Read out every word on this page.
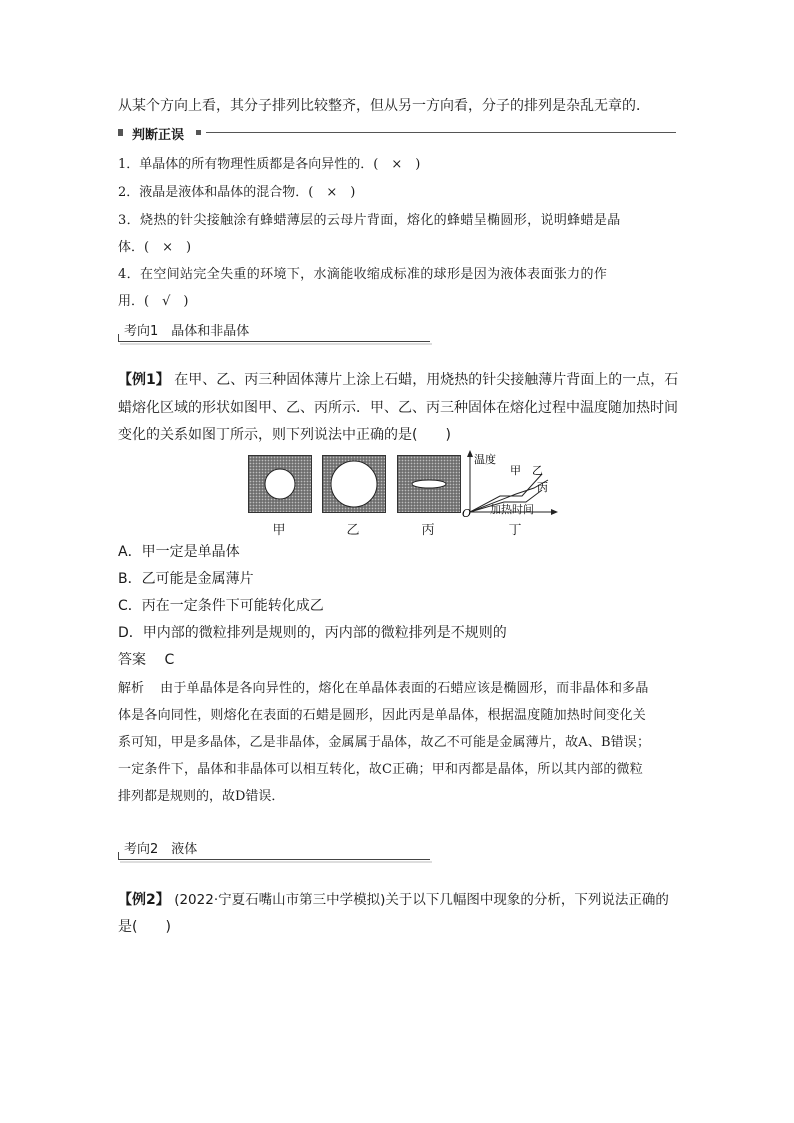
从某个方向上看，其分子排列比较整齐，但从另一方向看，分子的排列是杂乱无章的．
判断正误
1．单晶体的所有物理性质都是各向异性的．(　×　)
2．液晶是液体和晶体的混合物．(　×　)
3．烧热的针尖接触涂有蜂蜡薄层的云母片背面，熔化的蜂蜡呈椭圆形，说明蜂蜡是晶
体．(　×　)
4．在空间站完全失重的环境下，水滴能收缩成标准的球形是因为液体表面张力的作
用．(　√　)
考向1　晶体和非晶体
【例1】 在甲、乙、丙三种固体薄片上涂上石蜡，用烧热的针尖接触薄片背面上的一点，石
蜡熔化区域的形状如图甲、乙、丙所示．甲、乙、丙三种固体在熔化过程中温度随加热时间
变化的关系如图丁所示，则下列说法中正确的是(　　)
温度
O
甲 乙
丙
加热时间
甲	乙	丙	丁
A．甲一定是单晶体
B．乙可能是金属薄片
C．丙在一定条件下可能转化成乙
D．甲内部的微粒排列是规则的，丙内部的微粒排列是不规则的
答案 C
解析 由于单晶体是各向异性的，熔化在单晶体表面的石蜡应该是椭圆形，而非晶体和多晶
体是各向同性，则熔化在表面的石蜡是圆形，因此丙是单晶体，根据温度随加热时间变化关
系可知，甲是多晶体，乙是非晶体，金属属于晶体，故乙不可能是金属薄片，故A、B错误；
一定条件下，晶体和非晶体可以相互转化，故C正确；甲和丙都是晶体，所以其内部的微粒
排列都是规则的，故D错误．
考向2　液体
【例2】 (2022·宁夏石嘴山市第三中学模拟)关于以下几幅图中现象的分析，下列说法正确的
是(　　)
